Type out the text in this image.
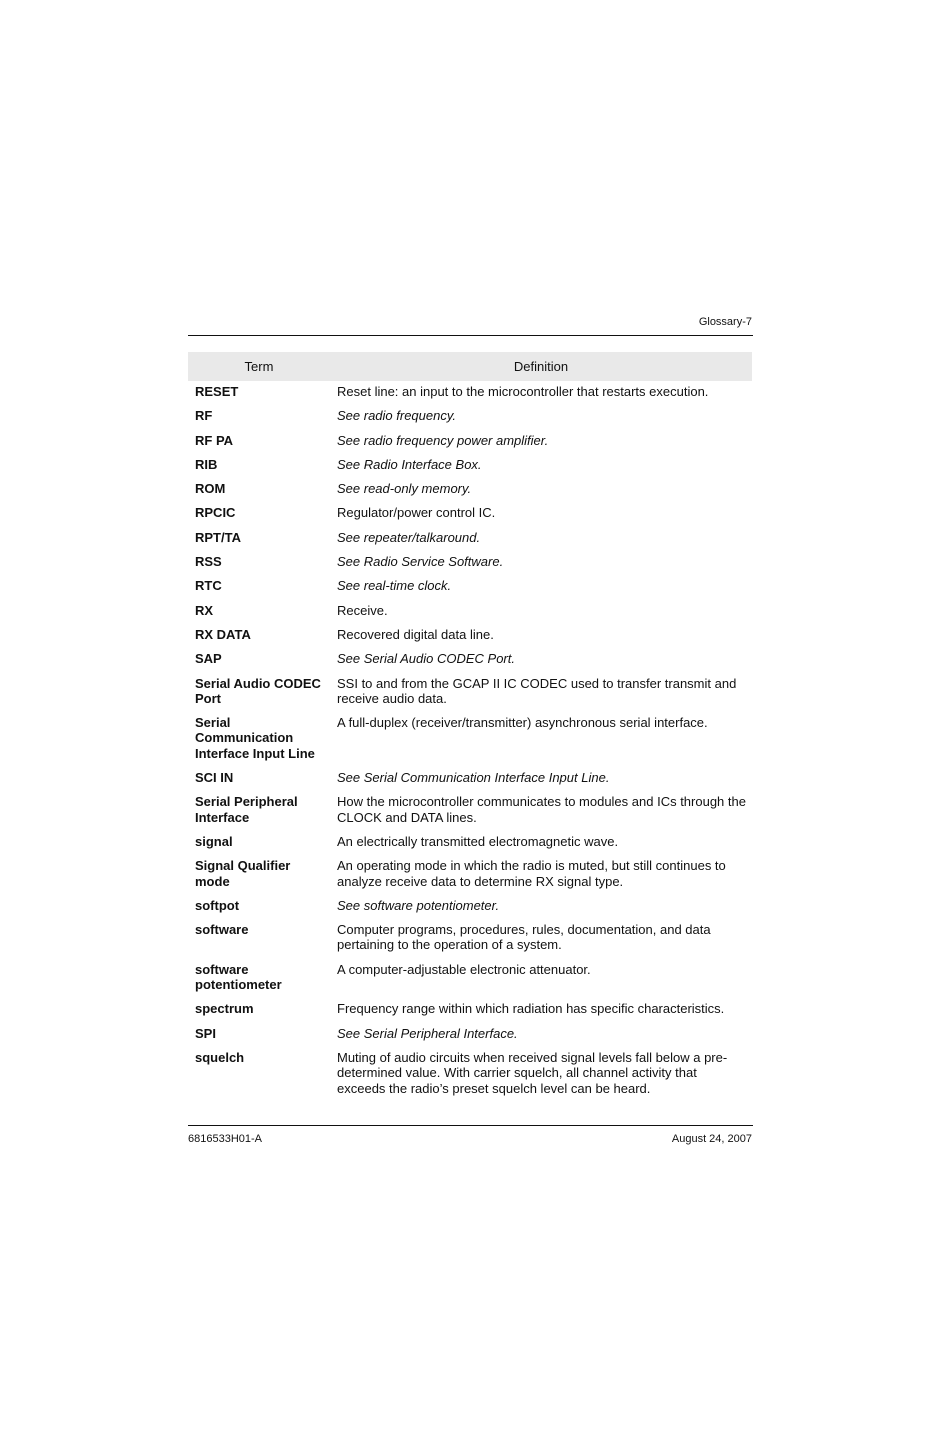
Glossary-7
Term	Definition
RESET	Reset line: an input to the microcontroller that restarts execution.
RF	See radio frequency.
RF PA	See radio frequency power amplifier.
RIB	See Radio Interface Box.
ROM	See read-only memory.
RPCIC	Regulator/power control IC.
RPT/TA	See repeater/talkaround.
RSS	See Radio Service Software.
RTC	See real-time clock.
RX	Receive.
RX DATA	Recovered digital data line.
SAP	See Serial Audio CODEC Port.
Serial Audio CODEC Port	SSI to and from the GCAP II IC CODEC used to transfer transmit and receive audio data.
Serial Communication Interface Input Line	A full-duplex (receiver/transmitter) asynchronous serial interface.
SCI IN	See Serial Communication Interface Input Line.
Serial Peripheral Interface	How the microcontroller communicates to modules and ICs through the CLOCK and DATA lines.
signal	An electrically transmitted electromagnetic wave.
Signal Qualifier mode	An operating mode in which the radio is muted, but still continues to analyze receive data to determine RX signal type.
softpot	See software potentiometer.
software	Computer programs, procedures, rules, documentation, and data pertaining to the operation of a system.
software potentiometer	A computer-adjustable electronic attenuator.
spectrum	Frequency range within which radiation has specific characteristics.
SPI	See Serial Peripheral Interface.
squelch	Muting of audio circuits when received signal levels fall below a pre-determined value. With carrier squelch, all channel activity that exceeds the radio’s preset squelch level can be heard.
6816533H01-A	August 24, 2007
